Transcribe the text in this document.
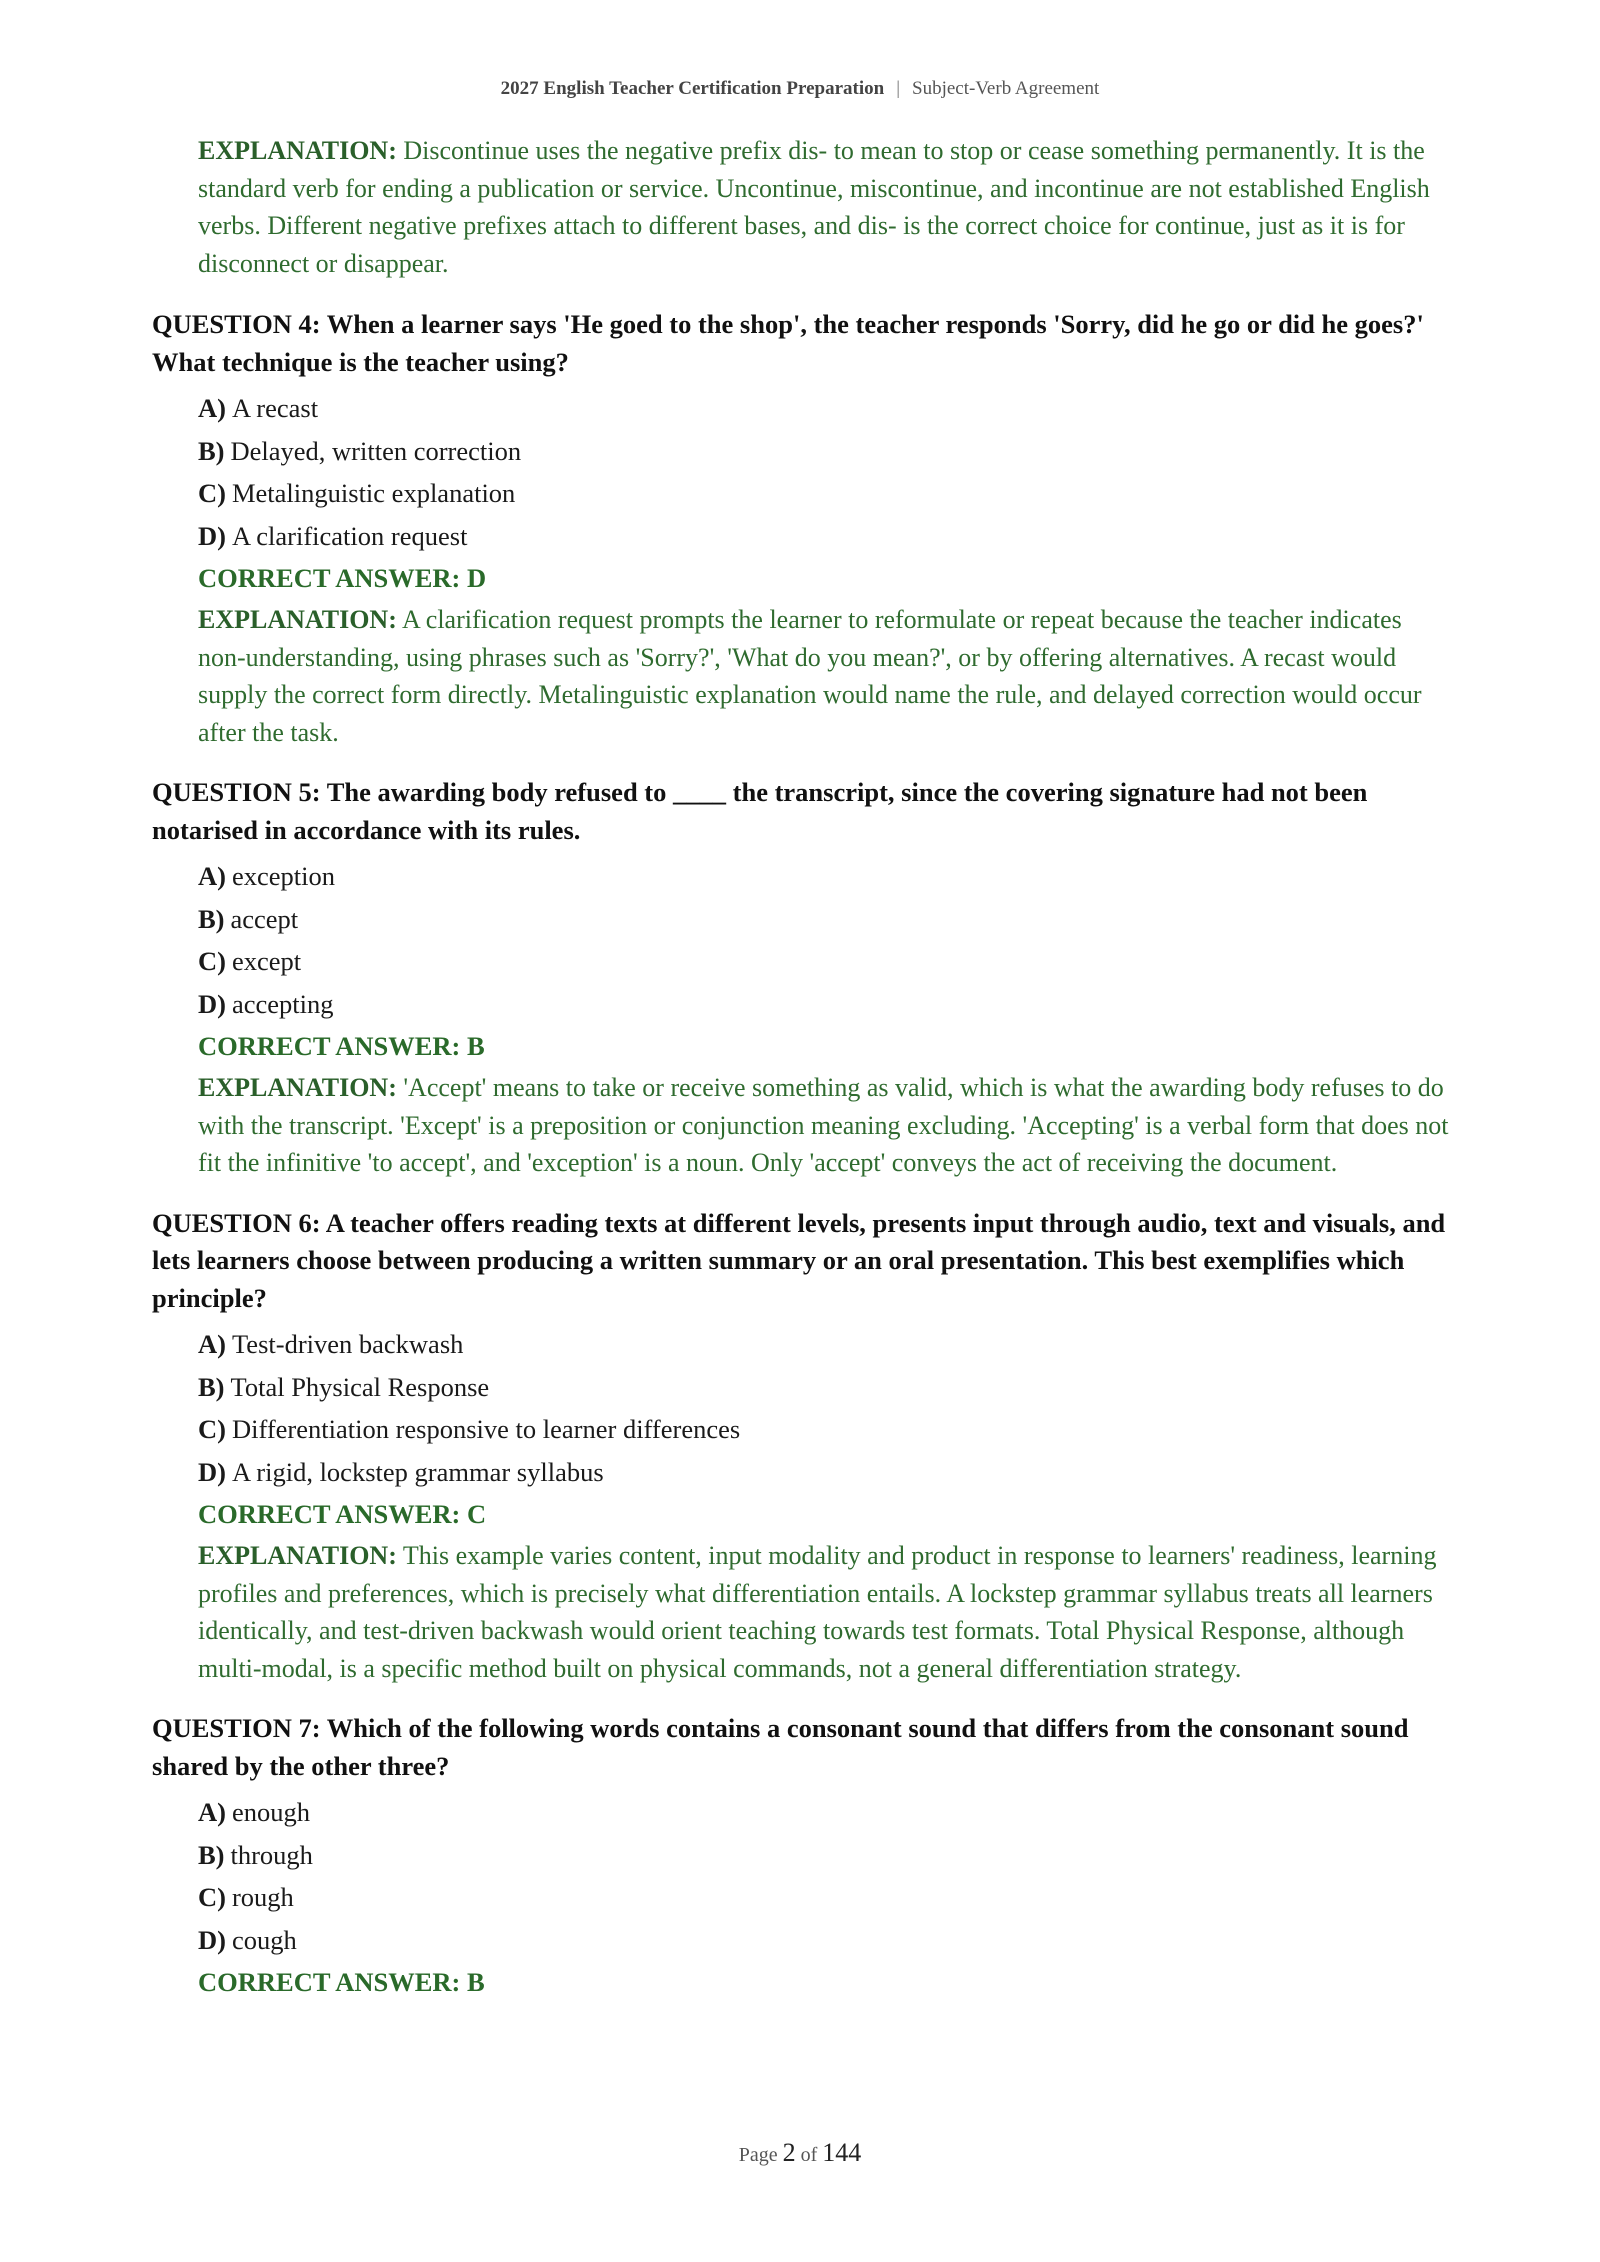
2027 English Teacher Certification Preparation | Subject-Verb Agreement
EXPLANATION: Discontinue uses the negative prefix dis- to mean to stop or cease something permanently. It is the standard verb for ending a publication or service. Uncontinue, miscontinue, and incontinue are not established English verbs. Different negative prefixes attach to different bases, and dis- is the correct choice for continue, just as it is for disconnect or disappear.
QUESTION 4: When a learner says 'He goed to the shop', the teacher responds 'Sorry, did he go or did he goes?' What technique is the teacher using?
A) A recast
B) Delayed, written correction
C) Metalinguistic explanation
D) A clarification request
CORRECT ANSWER: D
EXPLANATION: A clarification request prompts the learner to reformulate or repeat because the teacher indicates non-understanding, using phrases such as 'Sorry?', 'What do you mean?', or by offering alternatives. A recast would supply the correct form directly. Metalinguistic explanation would name the rule, and delayed correction would occur after the task.
QUESTION 5: The awarding body refused to ____ the transcript, since the covering signature had not been notarised in accordance with its rules.
A) exception
B) accept
C) except
D) accepting
CORRECT ANSWER: B
EXPLANATION: 'Accept' means to take or receive something as valid, which is what the awarding body refuses to do with the transcript. 'Except' is a preposition or conjunction meaning excluding. 'Accepting' is a verbal form that does not fit the infinitive 'to accept', and 'exception' is a noun. Only 'accept' conveys the act of receiving the document.
QUESTION 6: A teacher offers reading texts at different levels, presents input through audio, text and visuals, and lets learners choose between producing a written summary or an oral presentation. This best exemplifies which principle?
A) Test-driven backwash
B) Total Physical Response
C) Differentiation responsive to learner differences
D) A rigid, lockstep grammar syllabus
CORRECT ANSWER: C
EXPLANATION: This example varies content, input modality and product in response to learners' readiness, learning profiles and preferences, which is precisely what differentiation entails. A lockstep grammar syllabus treats all learners identically, and test-driven backwash would orient teaching towards test formats. Total Physical Response, although multi-modal, is a specific method built on physical commands, not a general differentiation strategy.
QUESTION 7: Which of the following words contains a consonant sound that differs from the consonant sound shared by the other three?
A) enough
B) through
C) rough
D) cough
CORRECT ANSWER: B
Page 2 of 144
